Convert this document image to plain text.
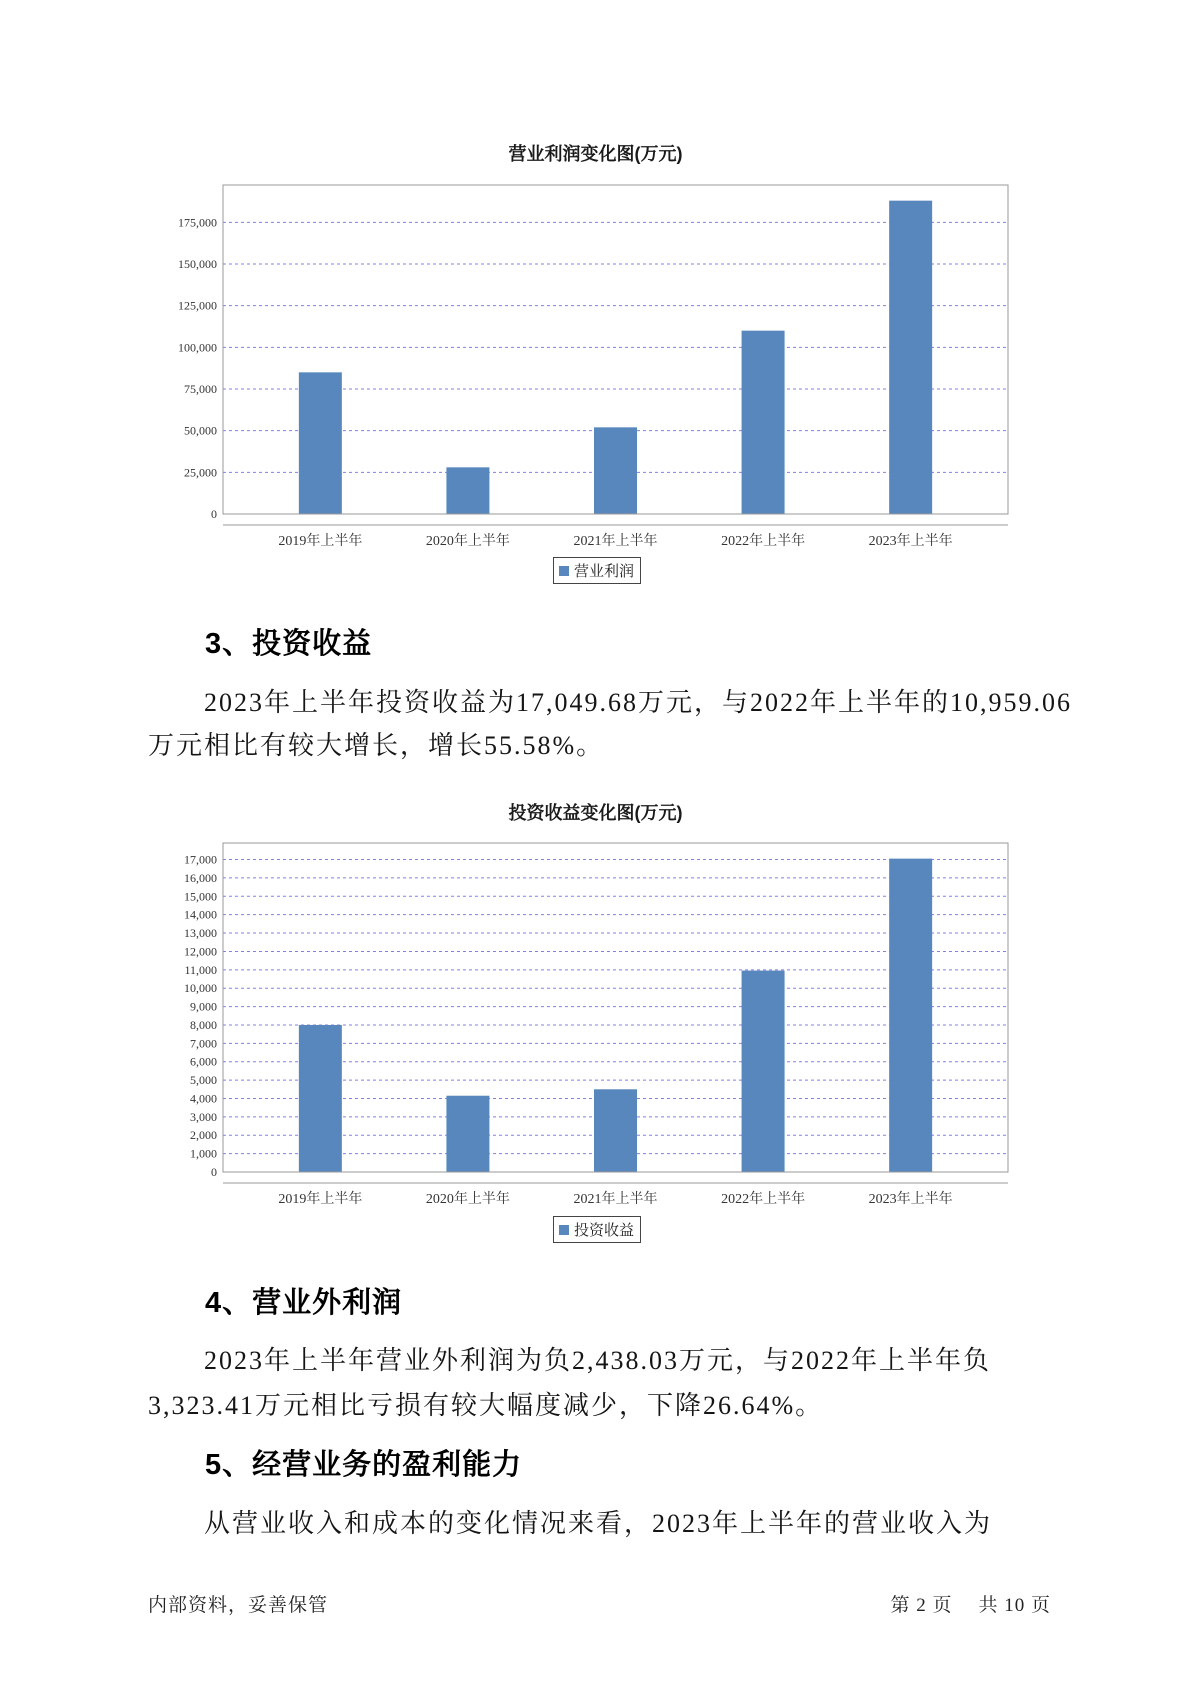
营业利润变化图(万元)
0
25,000
50,000
75,000
100,000
125,000
150,000
175,000
2019年上半年	2020年上半年	2021年上半年	2022年上半年	2023年上半年
营业利润
3、投资收益
2023年上半年投资收益为17,049.68万元，与2022年上半年的10,959.06
万元相比有较大增长，增长55.58%。
投资收益变化图(万元)
0
1,000
2,000
3,000
4,000
5,000
6,000
7,000
8,000
9,000
10,000
11,000
12,000
13,000
14,000
15,000
16,000
17,000
2019年上半年	2020年上半年	2021年上半年	2022年上半年	2023年上半年
投资收益
4、营业外利润
2023年上半年营业外利润为负2,438.03万元，与2022年上半年负
3,323.41万元相比亏损有较大幅度减少，下降26.64%。
5、经营业务的盈利能力
从营业收入和成本的变化情况来看，2023年上半年的营业收入为
内部资料，妥善保管	第 2 页 共 10 页
